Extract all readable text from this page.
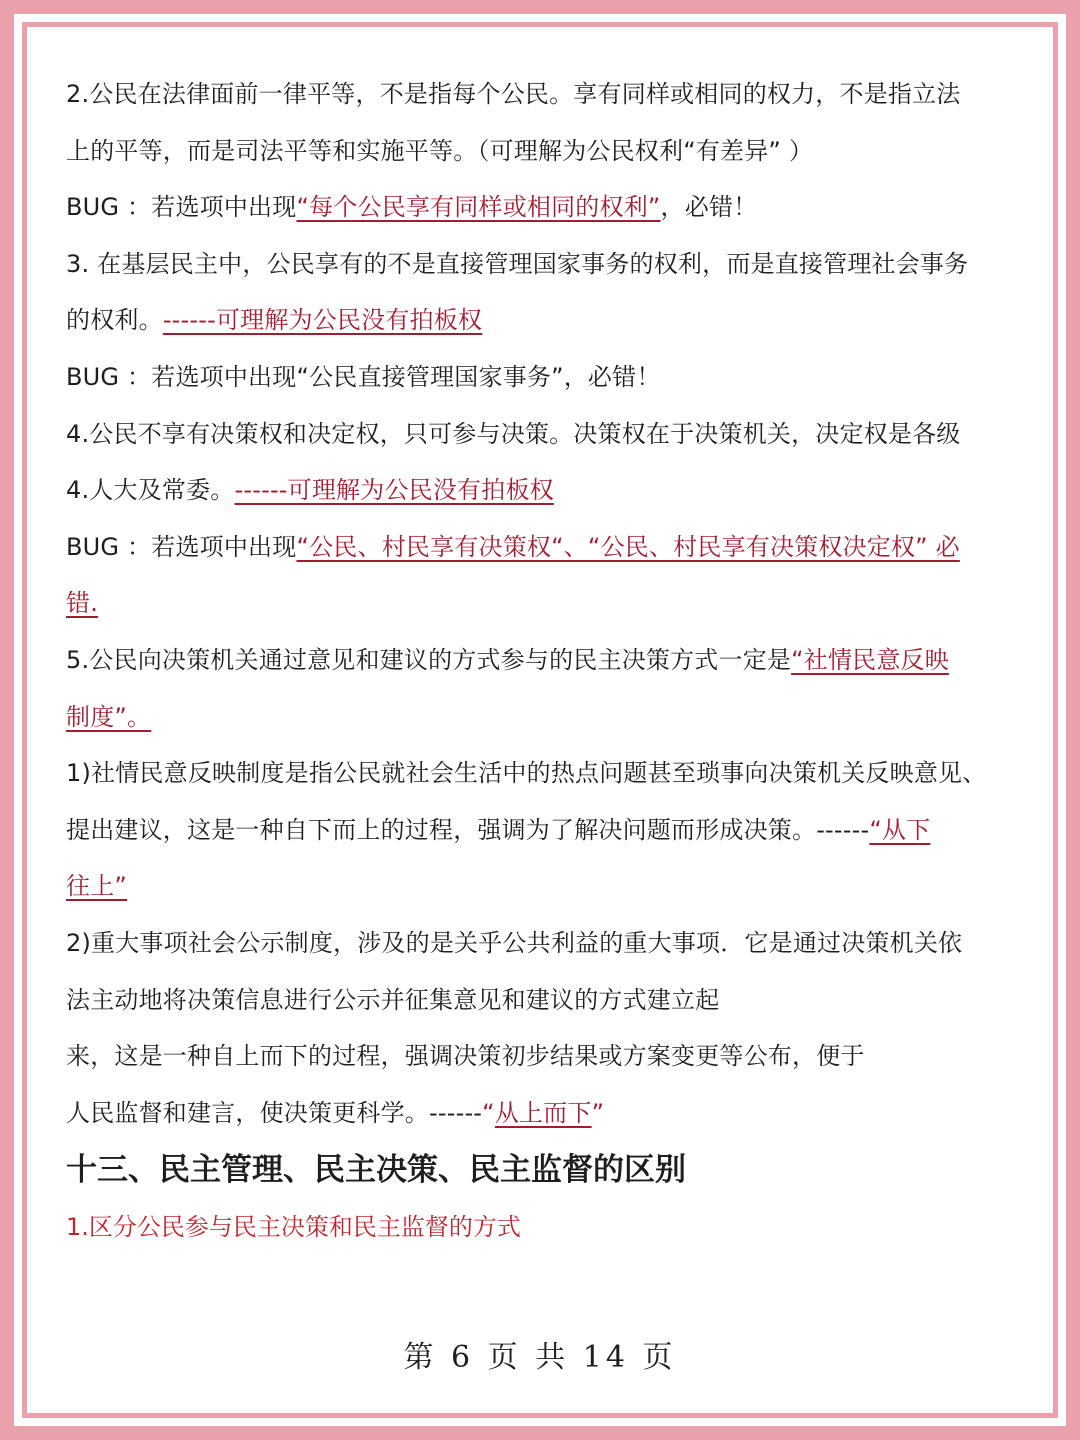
2.公民在法律面前一律平等，不是指每个公民。享有同样或相同的权力，不是指立法
上的平等，而是司法平等和实施平等。（可理解为公民权利“有差异” ）
BUG ：若选项中出现“每个公民享有同样或相同的权利”，必错！
3. 在基层民主中，公民享有的不是直接管理国家事务的权利，而是直接管理社会事务
的权利。------可理解为公民没有拍板权
BUG ：若选项中出现“公民直接管理国家事务”，必错！
4.公民不享有决策权和决定权，只可参与决策。决策权在于决策机关，决定权是各级
4.人大及常委。------可理解为公民没有拍板权
BUG ：若选项中出现“公民、村民享有决策权“、“公民、村民享有决策权决定权” 必
错.
5.公民向决策机关通过意见和建议的方式参与的民主决策方式一定是“社情民意反映
制度”。
1)社情民意反映制度是指公民就社会生活中的热点问题甚至琐事向决策机关反映意见、
提出建议，这是一种自下而上的过程，强调为了解决问题而形成决策。------“从下
往上”
2)重大事项社会公示制度，涉及的是关乎公共利益的重大事项．它是通过决策机关依
法主动地将决策信息进行公示并征集意见和建议的方式建立起
来，这是一种自上而下的过程，强调决策初步结果或方案变更等公布，便于
人民监督和建言，使决策更科学。------“从上而下”
十三、民主管理、民主决策、民主监督的区别
1.区分公民参与民主决策和民主监督的方式
第 6 页 共 14 页
